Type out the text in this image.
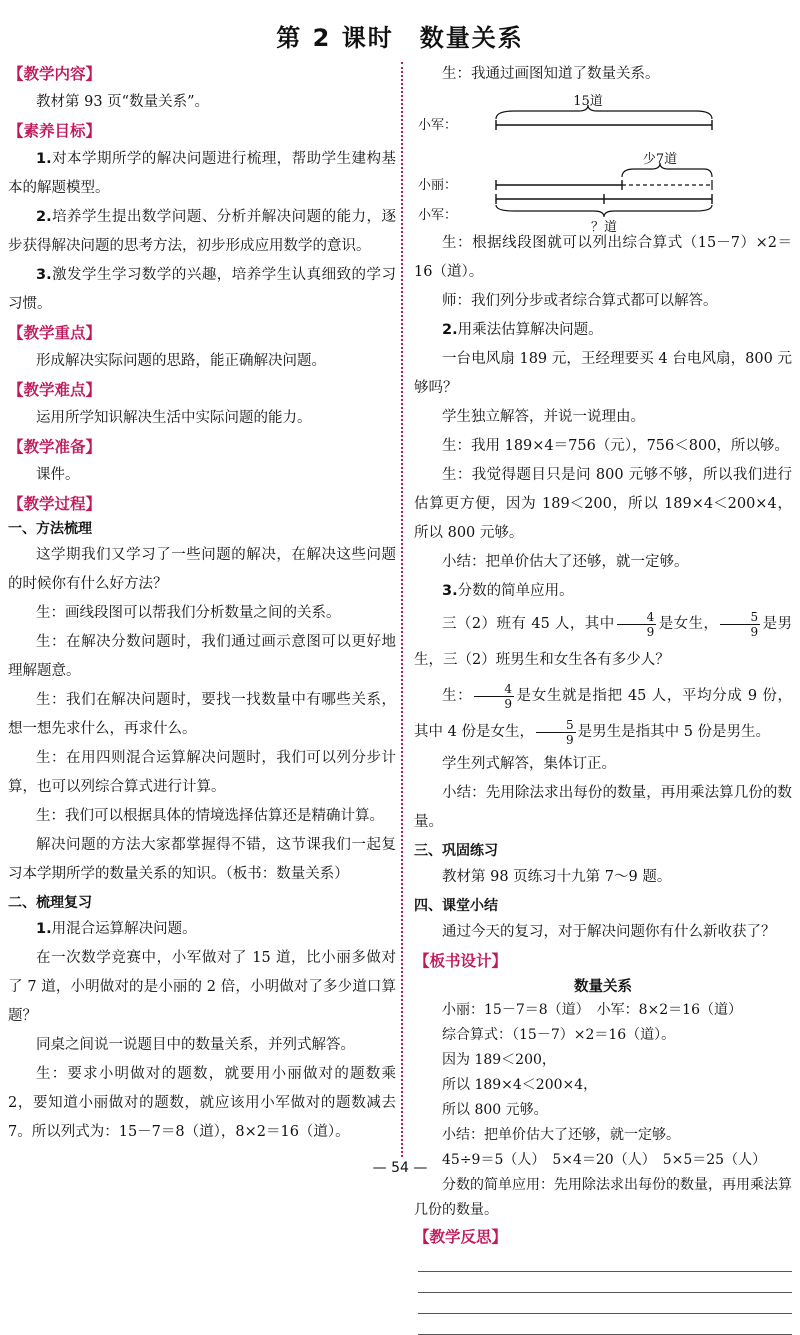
第 2 课时　数量关系
【教学内容】

教材第 93 页“数量关系”。

【素养目标】

1.对本学期所学的解决问题进行梳理，帮助学生建构基本的解题模型。

2.培养学生提出数学问题、分析并解决问题的能力，逐步获得解决问题的思考方法，初步形成应用数学的意识。

3.激发学生学习数学的兴趣，培养学生认真细致的学习习惯。

【教学重点】

形成解决实际问题的思路，能正确解决问题。

【教学难点】

运用所学知识解决生活中实际问题的能力。

【教学准备】

课件。

【教学过程】
一、方法梳理

这学期我们又学习了一些问题的解决，在解决这些问题的时候你有什么好方法？

生：画线段图可以帮我们分析数量之间的关系。

生：在解决分数问题时，我们通过画示意图可以更好地理解题意。

生：我们在解决问题时，要找一找数量中有哪些关系，想一想先求什么，再求什么。

生：在用四则混合运算解决问题时，我们可以列分步计算，也可以列综合算式进行计算。

生：我们可以根据具体的情境选择估算还是精确计算。

解决问题的方法大家都掌握得不错，这节课我们一起复习本学期所学的数量关系的知识。（板书：数量关系）

二、梳理复习

1.用混合运算解决问题。

在一次数学竞赛中，小军做对了 15 道，比小丽多做对了 7 道，小明做对的是小丽的 2 倍，小明做对了多少道口算题？

同桌之间说一说题目中的数量关系，并列式解答。

生：要求小明做对的题数，就要用小丽做对的题数乘 2，要知道小丽做对的题数，就应该用小军做对的题数减去 7。所以列式为：15－7＝8（道），8×2＝16（道）。

生：我通过画图知道了数量关系。

小军：
小丽：
小军：
15道
少7道
？道

生：根据线段图就可以列出综合算式（15－7）×2＝16（道）。

师：我们列分步或者综合算式都可以解答。

2.用乘法估算解决问题。

一台电风扇 189 元，王经理要买 4 台电风扇，800 元够吗？

学生独立解答，并说一说理由。

生：我用 189×4＝756（元），756＜800，所以够。

生：我觉得题目只是问 800 元够不够，所以我们进行估算更方便，因为 189＜200，所以 189×4＜200×4，所以 800 元够。

小结：把单价估大了还够，就一定够。

3.分数的简单应用。

三（2）班有 45 人，其中 $\frac{4}{9}$ 是女生， $\frac{5}{9}$ 是男生，三（2）班男生和女生各有多少人？

生： $\frac{4}{9}$ 是女生就是指把 45 人，平均分成 9 份，其中 4 份是女生， $\frac{5}{9}$ 是男生是指其中 5 份是男生。

学生列式解答，集体订正。

小结：先用除法求出每份的数量，再用乘法算几份的数量。

三、巩固练习

教材第 98 页练习十九第 7～9 题。

四、课堂小结

通过今天的复习，对于解决问题你有什么新收获了？

【板书设计】
数量关系

小丽：15－7＝8（道）　小军：8×2＝16（道）

综合算式：（15－7）×2＝16（道）。

因为 189＜200，

所以 189×4＜200×4，

所以 800 元够。

小结：把单价估大了还够，就一定够。

45÷9＝5（人）　5×4＝20（人）　5×5＝25（人）

分数的简单应用：先用除法求出每份的数量，再用乘法算几份的数量。

【教学反思】
— 54 —
